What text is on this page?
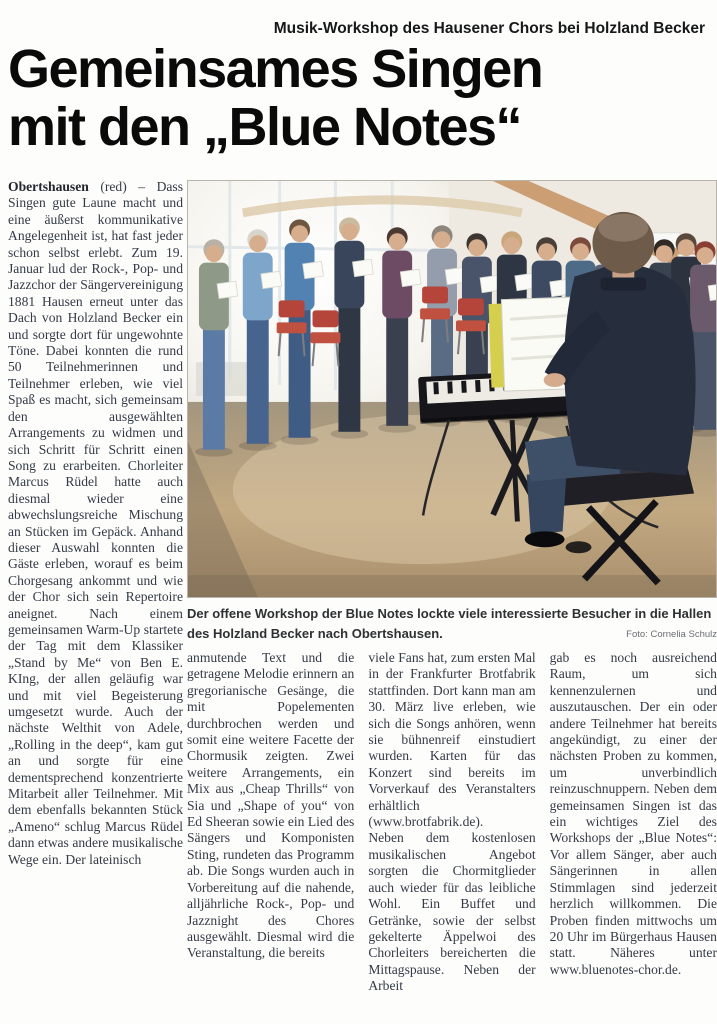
Musik-Workshop des Hausener Chors bei Holzland Becker
Gemeinsames Singen
mit den „Blue Notes“

Obertshausen (red) – Dass Singen gute Laune macht und eine äußerst kommunikative Angelegenheit ist, hat fast jeder schon selbst erlebt. Zum 19. Januar lud der Rock-, Pop- und Jazzchor der Sängervereinigung 1881 Hausen erneut unter das Dach von Holzland Becker ein und sorgte dort für ungewohnte Töne. Dabei konnten die rund 50 Teilnehmerinnen und Teilnehmer erleben, wie viel Spaß es macht, sich gemeinsam den ausgewählten Arrangements zu widmen und sich Schritt für Schritt einen Song zu erarbeiten. Chorleiter Marcus Rüdel hatte auch diesmal wieder eine abwechslungsreiche Mischung an Stücken im Gepäck. Anhand dieser Auswahl konnten die Gäste erleben, worauf es beim Chorgesang ankommt und wie der Chor sich sein Repertoire aneignet. Nach einem gemeinsamen Warm-Up startete der Tag mit dem Klassiker „Stand by Me“ von Ben E. KIng, der allen geläufig war und mit viel Begeisterung umgesetzt wurde. Auch der nächste Welthit von Adele, „Rolling in the deep“, kam gut an und sorgte für eine dementsprechend konzentrierte Mitarbeit aller Teilnehmer. Mit dem ebenfalls bekannten Stück „Ameno“ schlug Marcus Rüdel dann etwas andere musikalische Wege ein. Der lateinisch

Der offene Workshop der Blue Notes lockte viele interessierte Besucher in die Hallen des Holzland Becker nach Obertshausen.	Foto: Cornelia Schulz

anmutende Text und die getragene Melodie erinnern an gregorianische Gesänge, die mit Popelementen durchbrochen werden und somit eine weitere Facette der Chormusik zeigten. Zwei weitere Arrangements, ein Mix aus „Cheap Thrills“ von Sia und „Shape of you“ von Ed Sheeran sowie ein Lied des Sängers und Komponisten Sting, rundeten das Programm ab. Die Songs wurden auch in Vorbereitung auf die nahende, alljährliche Rock-, Pop- und Jazznight des Chores ausgewählt. Diesmal wird die Veranstaltung, die bereits

viele Fans hat, zum ersten Mal in der Frankfurter Brotfabrik stattfinden. Dort kann man am 30. März live erleben, wie sich die Songs anhören, wenn sie bühnenreif einstudiert wurden. Karten für das Konzert sind bereits im Vorverkauf des Veranstalters erhältlich (www.brotfabrik.de).

Neben dem kostenlosen musikalischen Angebot sorgten die Chormitglieder auch wieder für das leibliche Wohl. Ein Buffet und Getränke, sowie der selbst gekelterte Äppelwoi des Chorleiters bereicherten die Mittagspause. Neben der Arbeit

gab es noch ausreichend Raum, um sich kennenzulernen und auszutauschen. Der ein oder andere Teilnehmer hat bereits angekündigt, zu einer der nächsten Proben zu kommen, um unverbindlich reinzuschnuppern. Neben dem gemeinsamen Singen ist das ein wichtiges Ziel des Workshops der „Blue Notes“: Vor allem Sänger, aber auch Sängerinnen in allen Stimmlagen sind jederzeit herzlich willkommen. Die Proben finden mittwochs um 20 Uhr im Bürgerhaus Hausen statt. Näheres unter www.bluenotes-chor.de.
